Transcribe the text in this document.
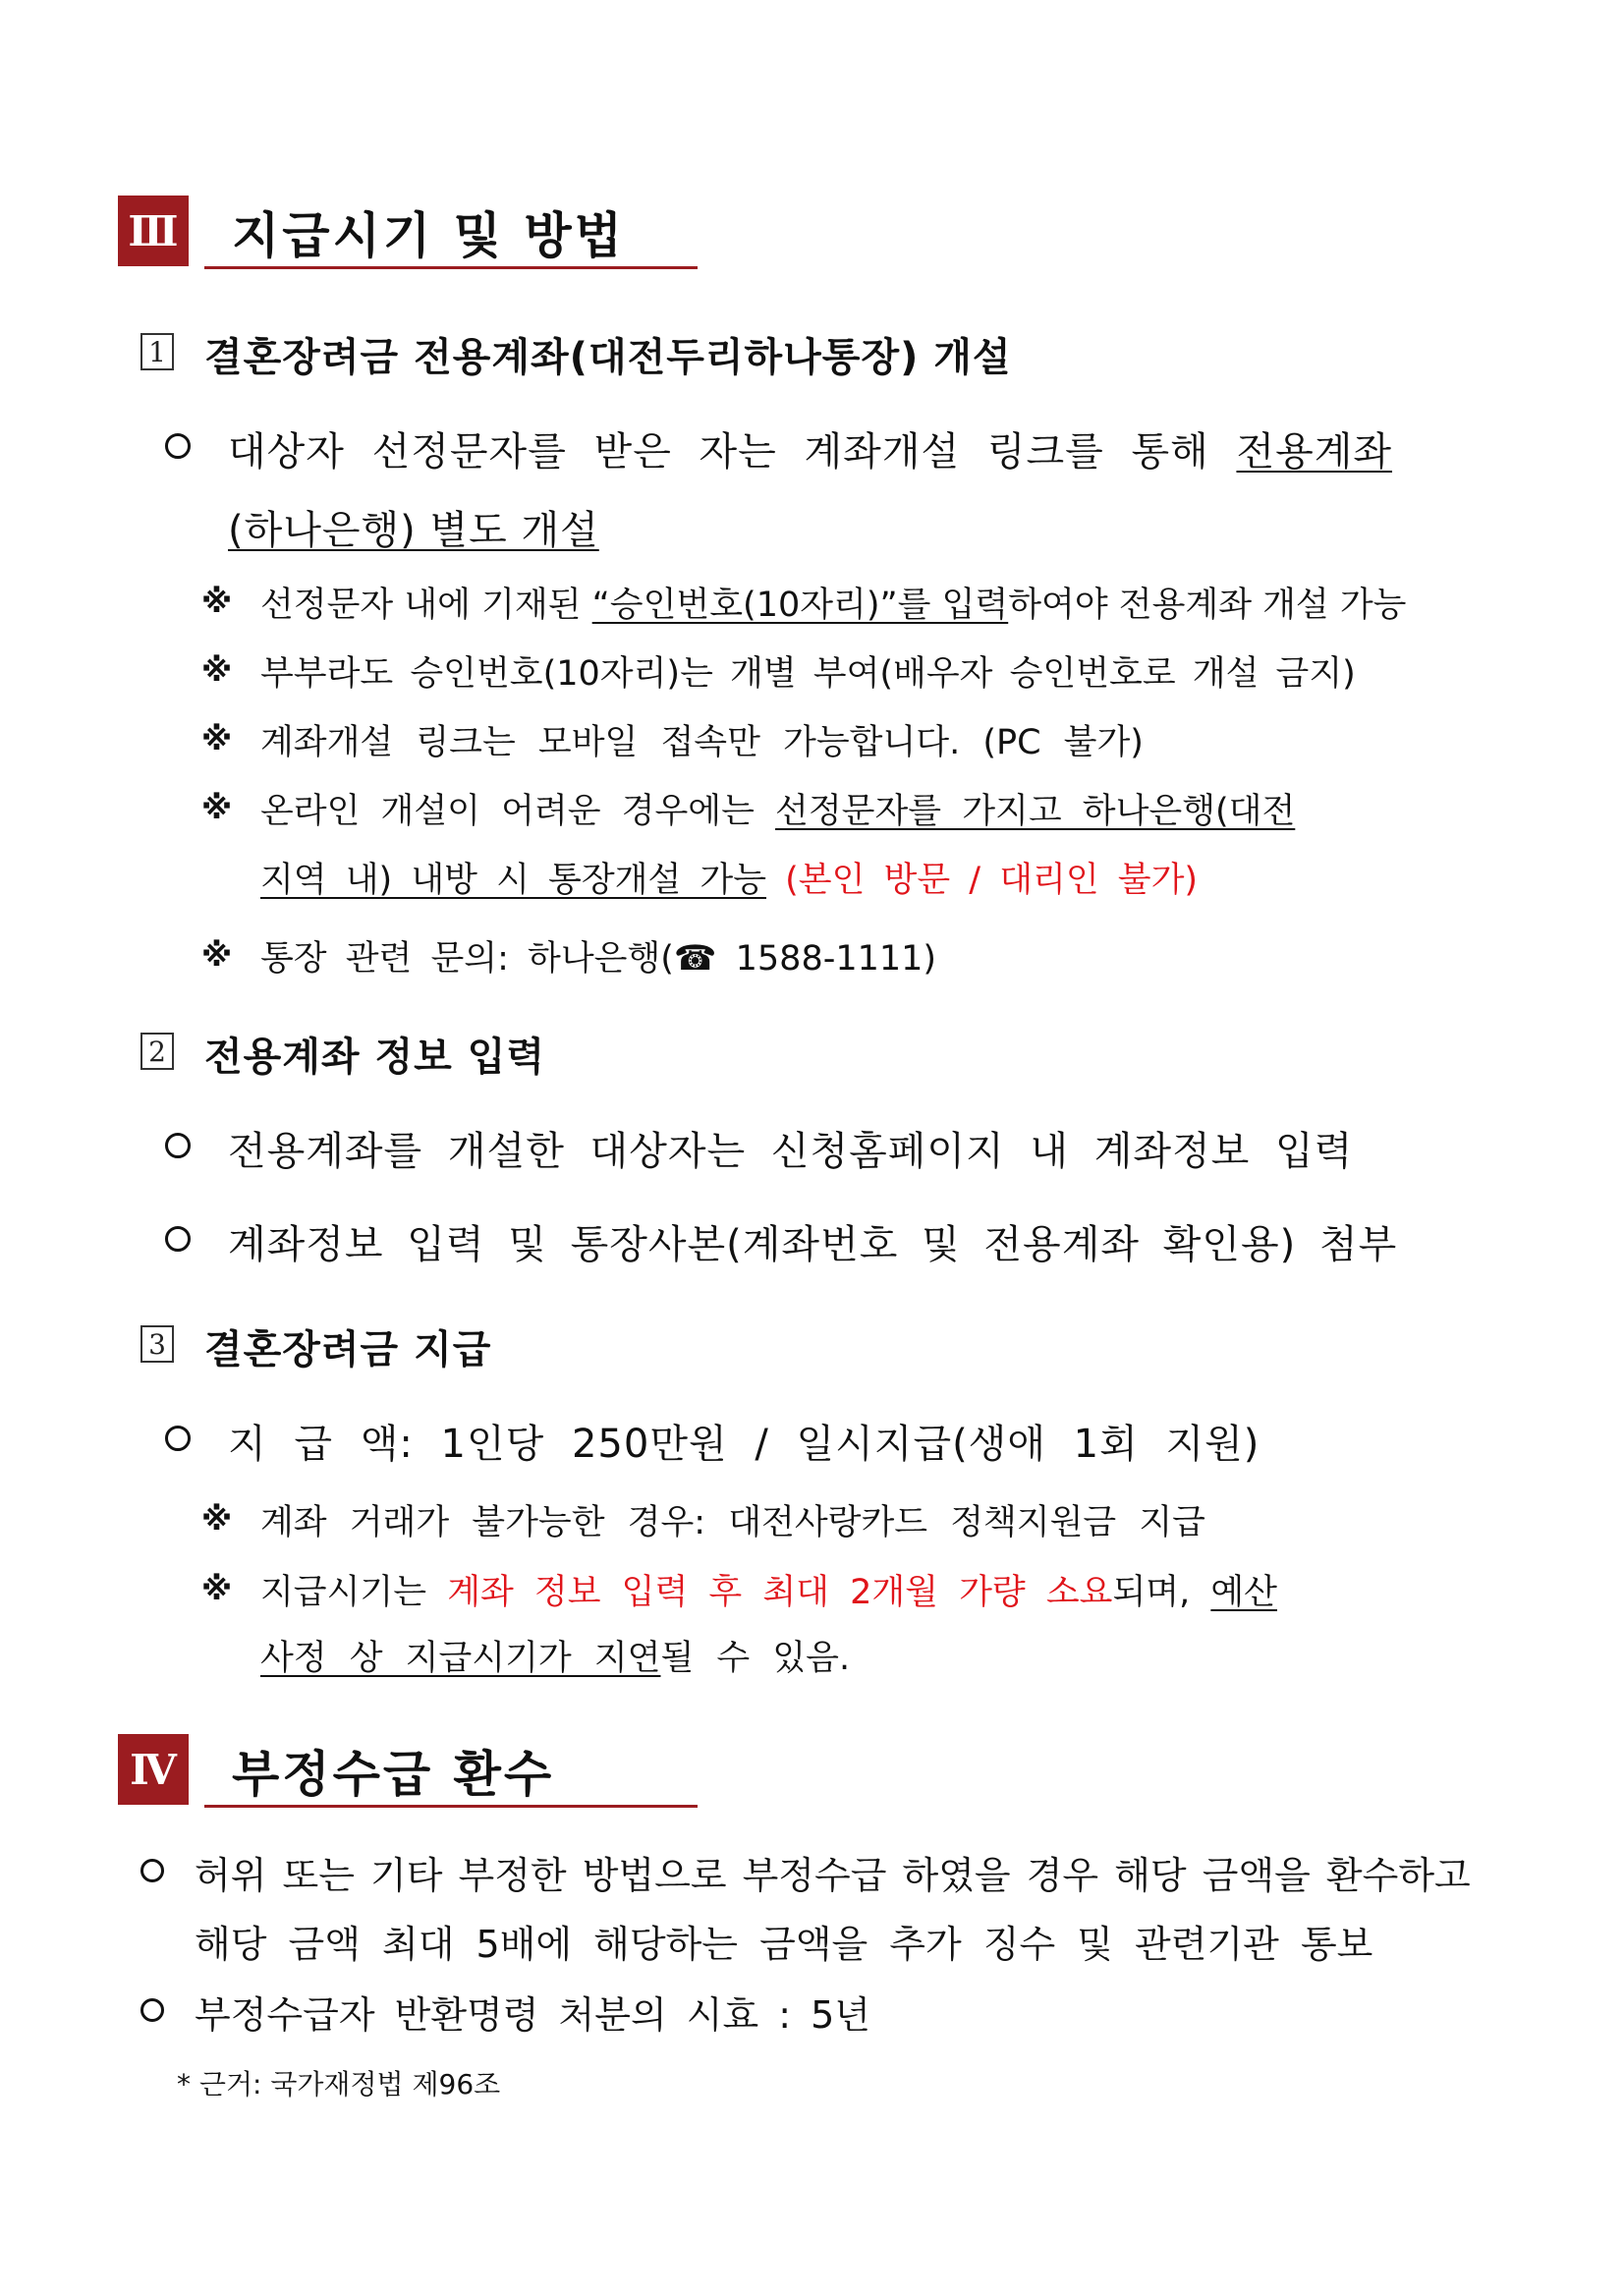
Ⅲ 지급시기 및 방법
1 결혼장려금 전용계좌(대전두리하나통장) 개설
대상자 선정문자를 받은 자는 계좌개설 링크를 통해 전용계좌
(하나은행) 별도 개설
※ 선정문자 내에 기재된 “승인번호(10자리)”를 입력하여야 전용계좌 개설 가능
※ 부부라도 승인번호(10자리)는 개별 부여(배우자 승인번호로 개설 금지)
※ 계좌개설 링크는 모바일 접속만 가능합니다. (PC 불가)
※ 온라인 개설이 어려운 경우에는 선정문자를 가지고 하나은행(대전
지역 내) 내방 시 통장개설 가능 (본인 방문 / 대리인 불가)
※ 통장 관련 문의: 하나은행(☎ 1588-1111)
2 전용계좌 정보 입력
전용계좌를 개설한 대상자는 신청홈페이지 내 계좌정보 입력
계좌정보 입력 및 통장사본(계좌번호 및 전용계좌 확인용) 첨부
3 결혼장려금 지급
지 급 액: 1인당 250만원 / 일시지급(생애 1회 지원)
※ 계좌 거래가 불가능한 경우: 대전사랑카드 정책지원금 지급
※ 지급시기는 계좌 정보 입력 후 최대 2개월 가량 소요되며, 예산
사정 상 지급시기가 지연될 수 있음.
Ⅳ 부정수급 환수
허위 또는 기타 부정한 방법으로 부정수급 하였을 경우 해당 금액을 환수하고
해당 금액 최대 5배에 해당하는 금액을 추가 징수 및 관련기관 통보
부정수급자 반환명령 처분의 시효 : 5년
* 근거: 국가재정법 제96조
